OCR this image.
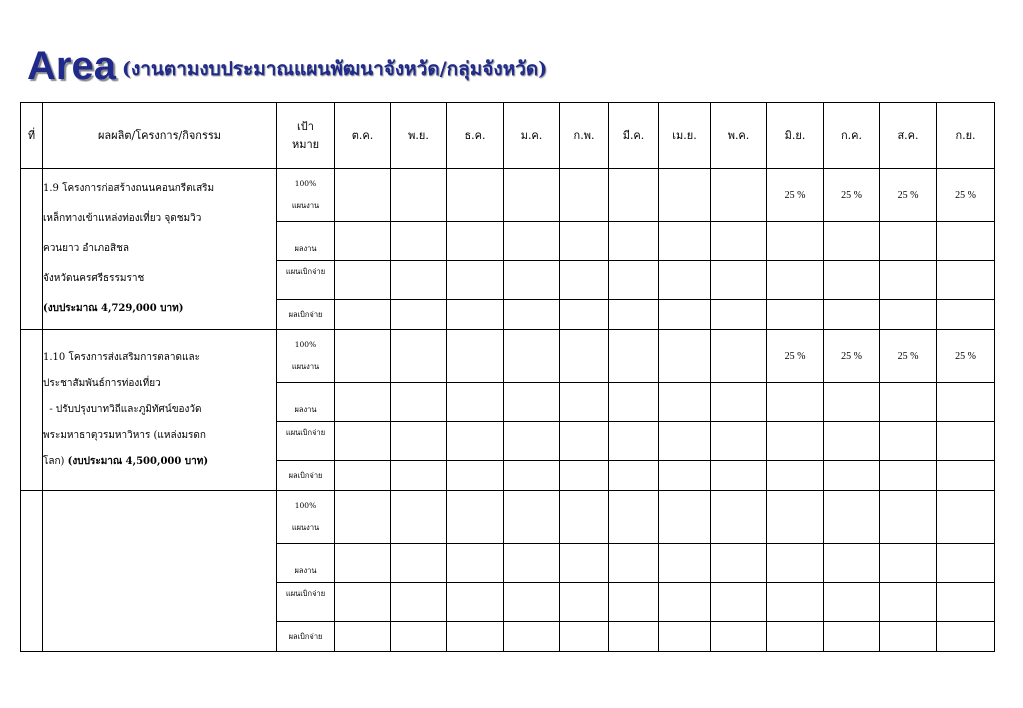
Area (งานตามงบประมาณแผนพัฒนาจังหวัด/กลุ่มจังหวัด)
ที่	ผลผลิต/โครงการ/กิจกรรม	เป้า
หมาย	ต.ค.	พ.ย.	ธ.ค.	ม.ค.	ก.พ.	มี.ค.	เม.ย.	พ.ค.	มิ.ย.	ก.ค.	ส.ค.	ก.ย.

	1.9 โครงการก่อสร้างถนนคอนกรีตเสริม
เหล็กทางเข้าแหล่งท่องเที่ยว จุดชมวิว
ควนยาว อำเภอสิชล
จังหวัดนครศรีธรรมราช
(งบประมาณ 4,729,000 บาท)	100%
แผนงาน									25 %	25 %	25 %	25 %
		ผลงาน												
		แผนเบิกจ่าย												
		ผลเบิกจ่าย												

	1.10 โครงการส่งเสริมการตลาดและ
ประชาสัมพันธ์การท่องเที่ยว
- ปรับปรุงบาทวิถีและภูมิทัศน์ของวัด
พระมหาธาตุวรมหาวิหาร (แหล่งมรดก
โลก) (งบประมาณ 4,500,000 บาท)	100%
แผนงาน									25 %	25 %	25 %	25 %
		ผลงาน												
		แผนเบิกจ่าย												
		ผลเบิกจ่าย												

		100%
แผนงาน												
		ผลงาน												
		แผนเบิกจ่าย												
		ผลเบิกจ่าย												
